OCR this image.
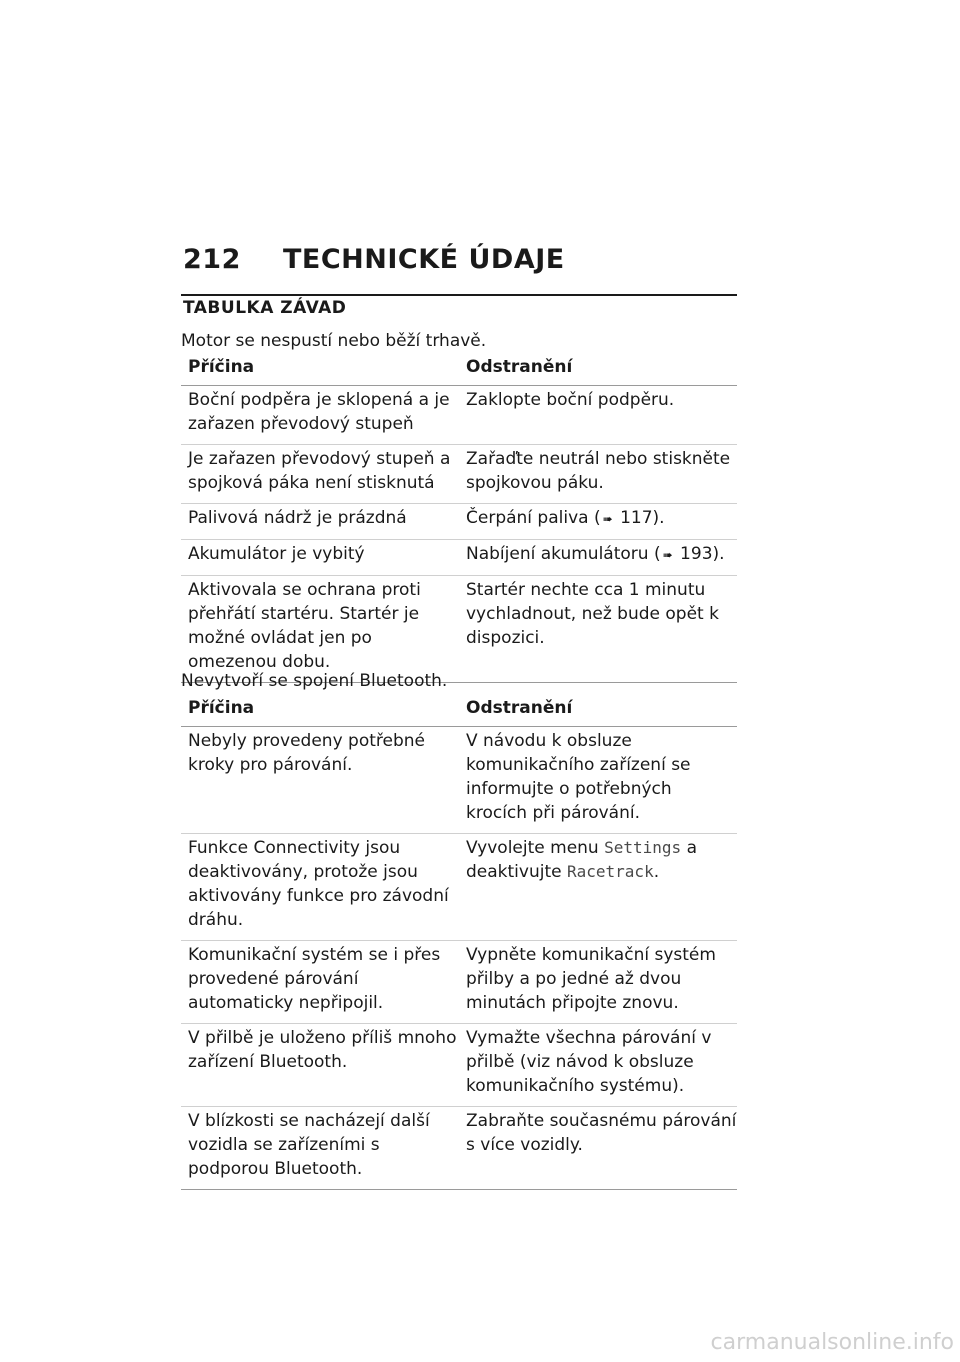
212	TECHNICKÉ ÚDAJE
TABULKA ZÁVAD
Motor se nespustí nebo běží trhavě.
Příčina	Odstranění
Boční podpěra je sklopená a je zařazen převodový stupeň	Zaklopte boční podpěru.
Je zařazen převodový stupeň a spojková páka není stisknutá	Zařaďte neutrál nebo stiskněte spojkovou páku.
Palivová nádrž je prázdná	Čerpání paliva ( ➠ 117).
Akumulátor je vybitý	Nabíjení akumulátoru ( ➠ 193).
Aktivovala se ochrana proti přehřátí startéru. Startér je možné ovládat jen po omezenou dobu.	Startér nechte cca 1 minutu vychladnout, než bude opět k dispozici.
Nevytvoří se spojení Bluetooth.
Příčina	Odstranění
Nebyly provedeny potřebné kroky pro párování.	V návodu k obsluze komunikačního zařízení se informujte o potřebných krocích při párování.
Funkce Connectivity jsou deaktivovány, protože jsou aktivovány funkce pro závodní dráhu.	Vyvolejte menu Settings a deaktivujte Racetrack.
Komunikační systém se i přes provedené párování automaticky nepřipojil.	Vypněte komunikační systém přilby a po jedné až dvou minutách připojte znovu.
V přilbě je uloženo příliš mnoho zařízení Bluetooth.	Vymažte všechna párování v přilbě (viz návod k obsluze komunikačního systému).
V blízkosti se nacházejí další vozidla se zařízeními s podporou Bluetooth.	Zabraňte současnému párování s více vozidly.
carmanualsonline.info
